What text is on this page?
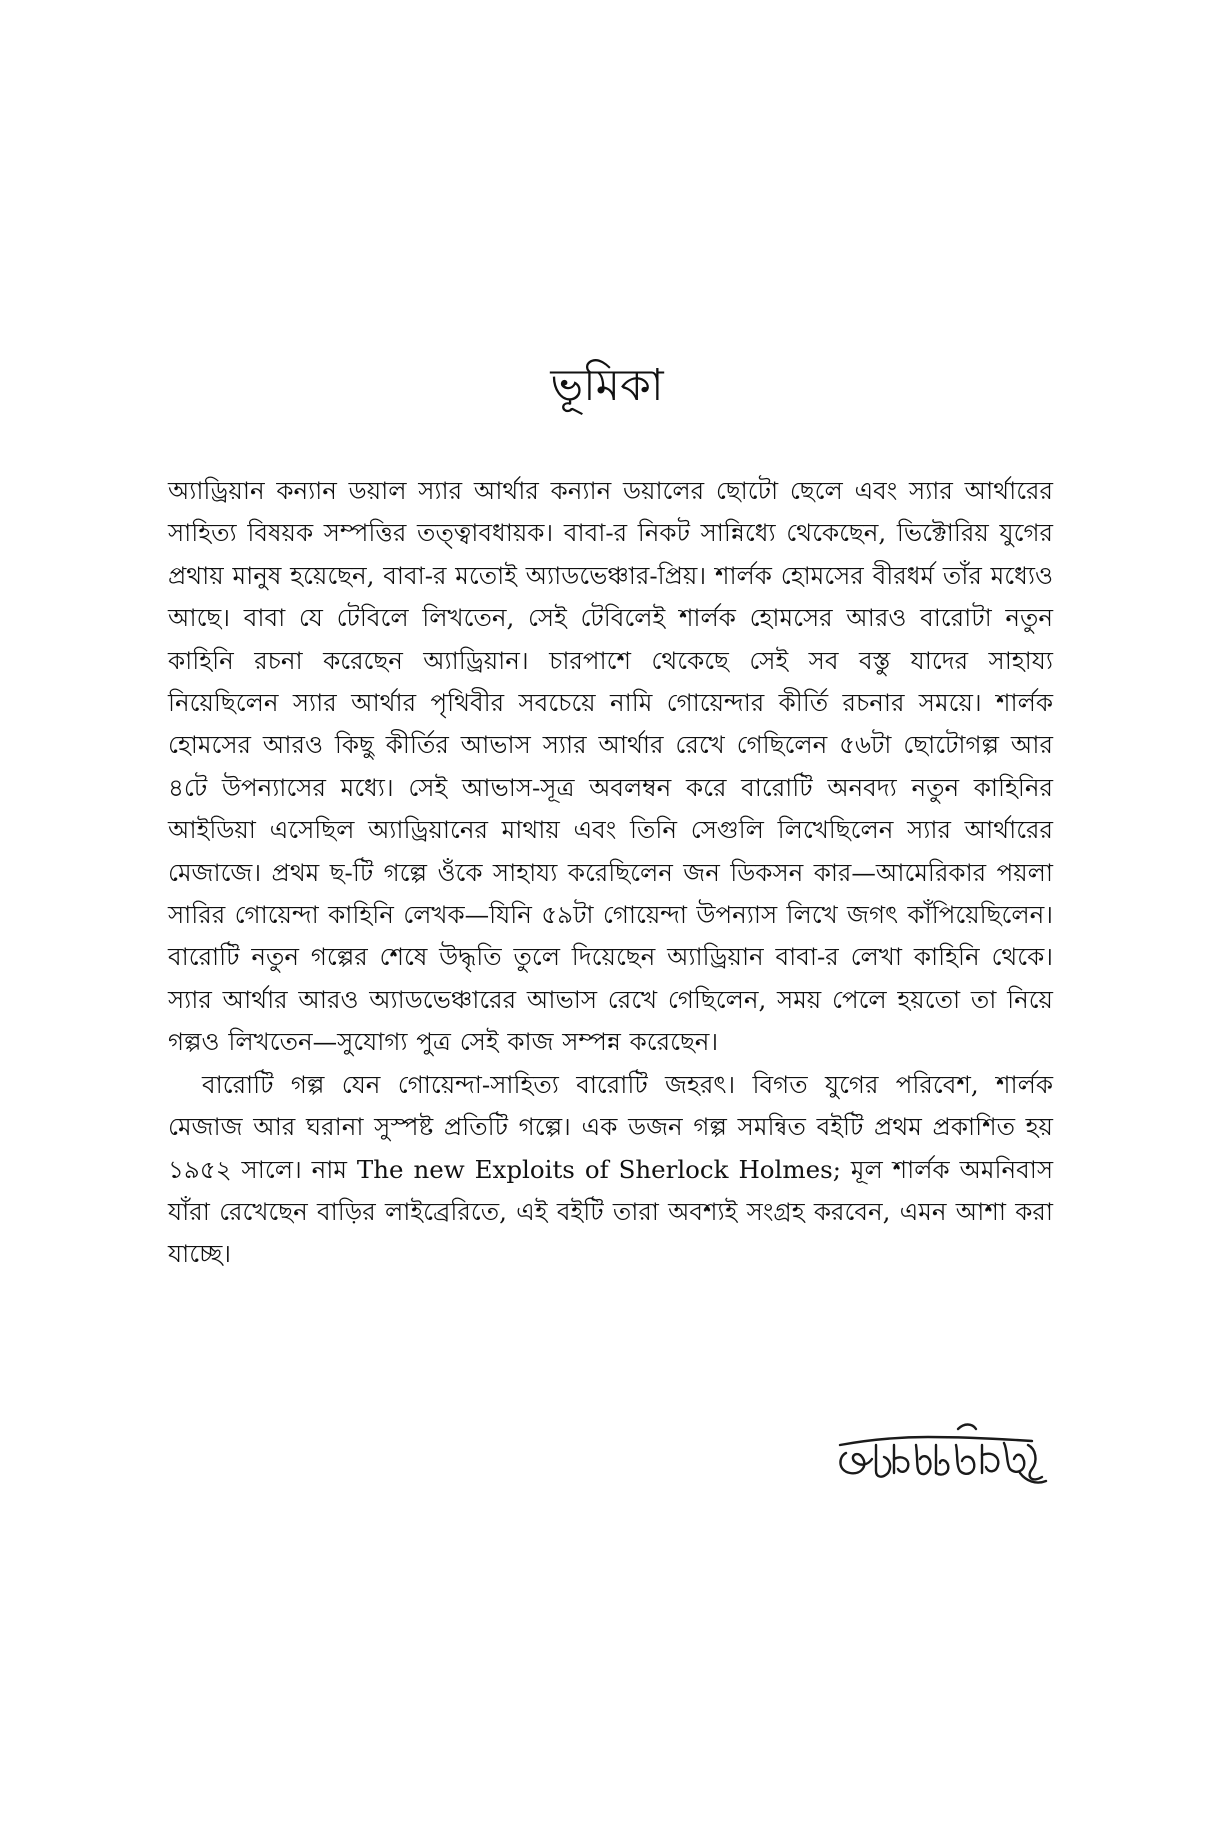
ভূমিকা

অ্যাড্রিয়ান কন্যান ডয়াল স্যার আর্থার কন্যান ডয়ালের ছোটো ছেলে এবং স্যার আর্থারের সাহিত্য বিষয়ক সম্পত্তির তত্ত্বাবধায়ক। বাবা-র নিকট সান্নিধ্যে থেকেছেন, ভিক্টোরিয় যুগের প্রথায় মানুষ হয়েছেন, বাবা-র মতোই অ্যাডভেঞ্চার-প্রিয়। শার্লক হোমসের বীরধর্ম তাঁর মধ্যেও আছে। বাবা যে টেবিলে লিখতেন, সেই টেবিলেই শার্লক হোমসের আরও বারোটা নতুন কাহিনি রচনা করেছেন অ্যাড্রিয়ান। চারপাশে থেকেছে সেই সব বস্তু যাদের সাহায্য নিয়েছিলেন স্যার আর্থার পৃথিবীর সবচেয়ে নামি গোয়েন্দার কীর্তি রচনার সময়ে। শার্লক হোমসের আরও কিছু কীর্তির আভাস স্যার আর্থার রেখে গেছিলেন ৫৬টা ছোটোগল্প আর ৪টে উপন্যাসের মধ্যে। সেই আভাস-সূত্র অবলম্বন করে বারোটি অনবদ্য নতুন কাহিনির আইডিয়া এসেছিল অ্যাড্রিয়ানের মাথায় এবং তিনি সেগুলি লিখেছিলেন স্যার আর্থারের মেজাজে। প্রথম ছ-টি গল্পে ওঁকে সাহায্য করেছিলেন জন ডিকসন কার—আমেরিকার পয়লা সারির গোয়েন্দা কাহিনি লেখক—যিনি ৫৯টা গোয়েন্দা উপন্যাস লিখে জগৎ কাঁপিয়েছিলেন। বারোটি নতুন গল্পের শেষে উদ্ধৃতি তুলে দিয়েছেন অ্যাড্রিয়ান বাবা-র লেখা কাহিনি থেকে। স্যার আর্থার আরও অ্যাডভেঞ্চারের আভাস রেখে গেছিলেন, সময় পেলে হয়তো তা নিয়ে গল্পও লিখতেন—সুযোগ্য পুত্র সেই কাজ সম্পন্ন করেছেন।

বারোটি গল্প যেন গোয়েন্দা-সাহিত্য বারোটি জহরৎ। বিগত যুগের পরিবেশ, শার্লক মেজাজ আর ঘরানা সুস্পষ্ট প্রতিটি গল্পে। এক ডজন গল্প সমন্বিত বইটি প্রথম প্রকাশিত হয় ১৯৫২ সালে। নাম The new Exploits of Sherlock Holmes; মূল শার্লক অমনিবাস যাঁরা রেখেছেন বাড়ির লাইব্রেরিতে, এই বইটি তারা অবশ্যই সংগ্রহ করবেন, এমন আশা করা যাচ্ছে।
